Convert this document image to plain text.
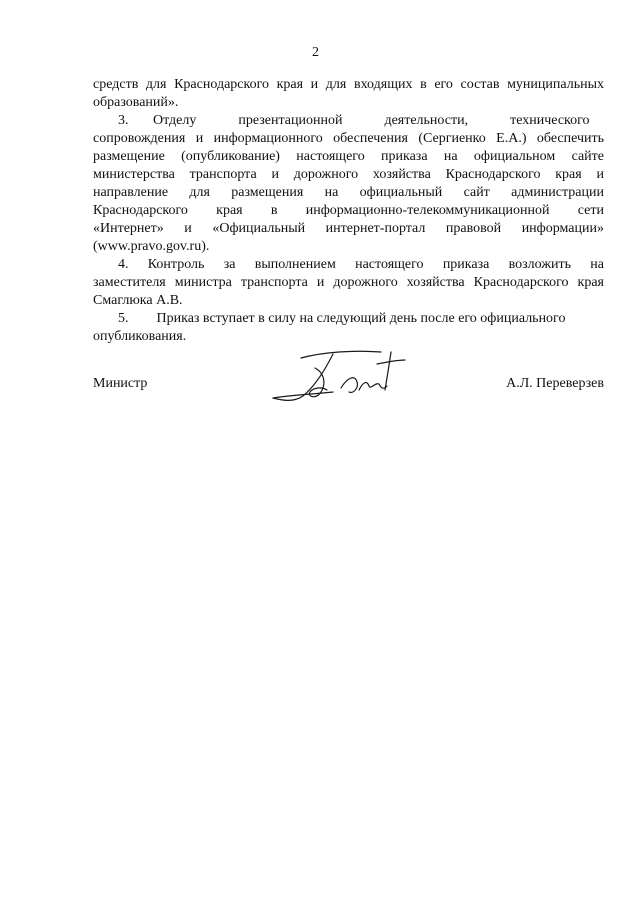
2
средств для Краснодарского края и для входящих в его состав муниципальных
образований».
3.       Отделу            презентационной            деятельности,            технического
сопровождения и информационного обеспечения (Сергиенко Е.А.) обеспечить
размещение (опубликование) настоящего приказа на официальном сайте
министерства транспорта и дорожного хозяйства Краснодарского края и
направление для размещения на официальный сайт администрации
Краснодарского края в информационно-телекоммуникационной сети
«Интернет» и «Официальный интернет-портал правовой информации»
(www.pravo.gov.ru).
4. Контроль за выполнением настоящего приказа возложить на
заместителя министра транспорта и дорожного хозяйства Краснодарского края
Смаглюка А.В.
5.        Приказ вступает в силу на следующий день после его официального
опубликования.
Министр	А.Л. Переверзев
